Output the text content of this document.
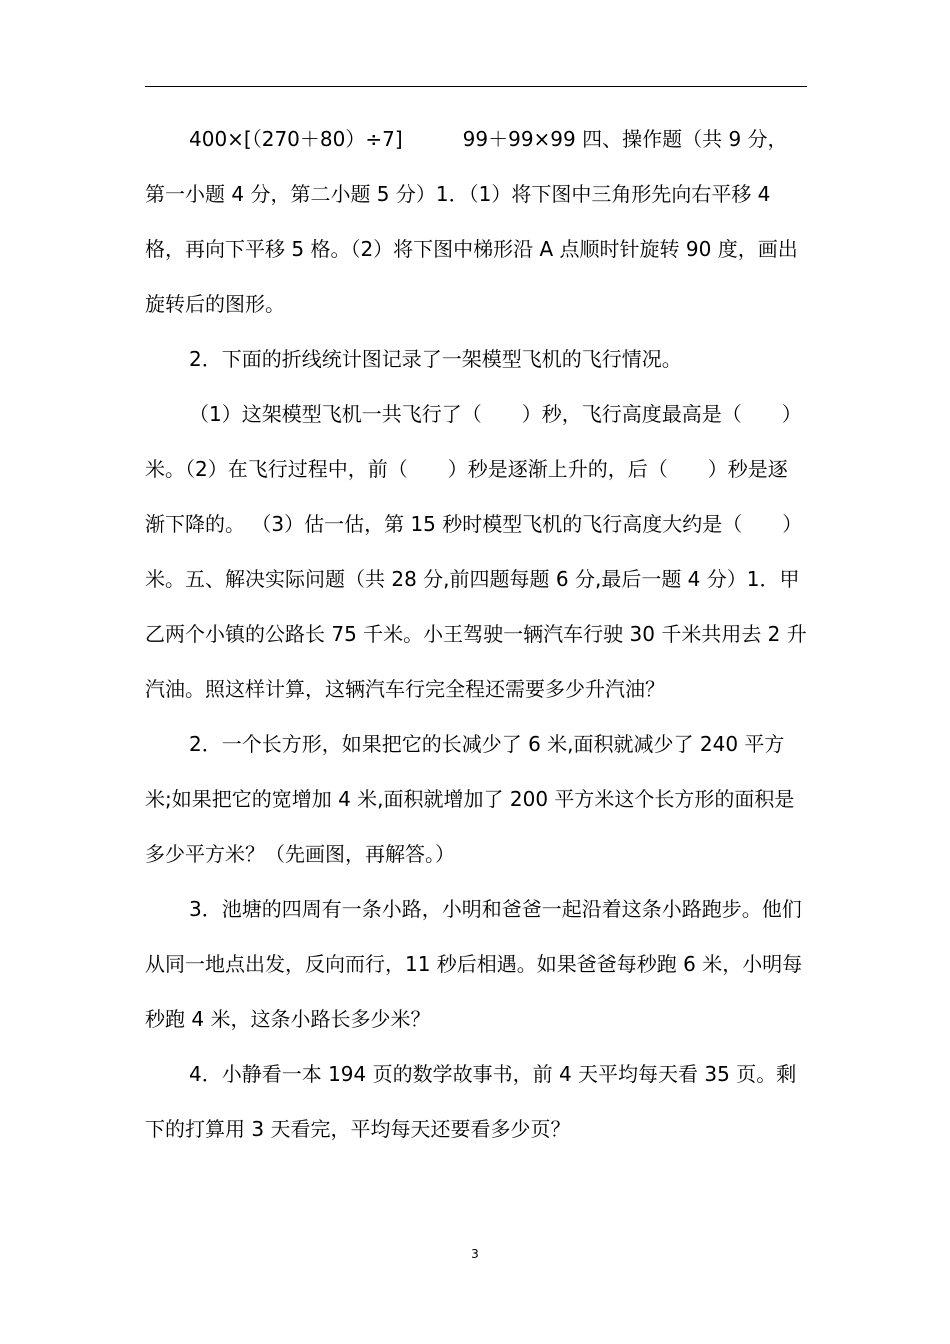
400×[（270＋80）÷7]　　　99＋99×99 四、操作题（共 9 分，第一小题 4 分，第二小题 5 分）1．（1）将下图中三角形先向右平移 4 格，再向下平移 5 格。（2）将下图中梯形沿 A 点顺时针旋转 90 度，画出旋转后的图形。

2．下面的折线统计图记录了一架模型飞机的飞行情况。

（1）这架模型飞机一共飞行了（　　）秒，飞行高度最高是（　　）米。（2）在飞行过程中，前（　　）秒是逐渐上升的，后（　　）秒是逐渐下降的。 （3）估一估，第 15 秒时模型飞机的飞行高度大约是（　　）米。五、解决实际问题（共 28 分,前四题每题 6 分,最后一题 4 分）1．甲乙两个小镇的公路长 75 千米。小王驾驶一辆汽车行驶 30 千米共用去 2 升汽油。照这样计算，这辆汽车行完全程还需要多少升汽油？

2．一个长方形，如果把它的长减少了 6 米,面积就减少了 240 平方米;如果把它的宽增加 4 米,面积就增加了 200 平方米这个长方形的面积是多少平方米？（先画图，再解答。）

3．池塘的四周有一条小路，小明和爸爸一起沿着这条小路跑步。他们从同一地点出发，反向而行，11 秒后相遇。如果爸爸每秒跑 6 米，小明每秒跑 4 米，这条小路长多少米？

4．小静看一本 194 页的数学故事书，前 4 天平均每天看 35 页。剩下的打算用 3 天看完，平均每天还要看多少页？

3
